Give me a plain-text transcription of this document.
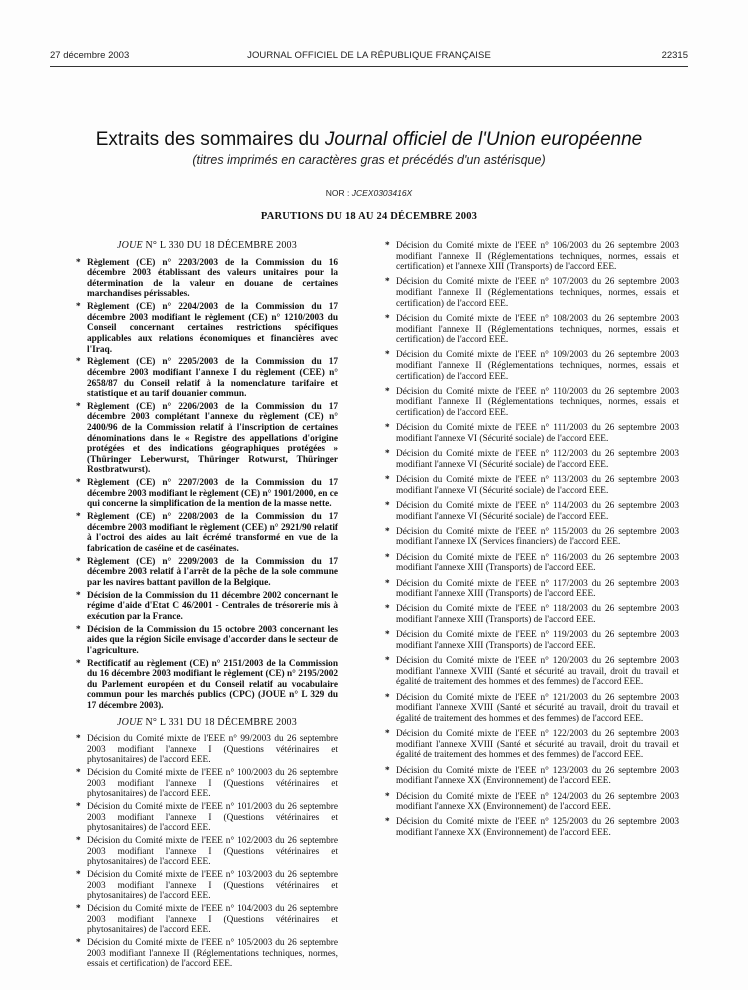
27 décembre 2003	JOURNAL OFFICIEL DE LA RÉPUBLIQUE FRANÇAISE	22315
Extraits des sommaires du Journal officiel de l'Union européenne
(titres imprimés en caractères gras et précédés d'un astérisque)
NOR : JCEX0303416X
PARUTIONS DU 18 AU 24 DÉCEMBRE 2003
JOUE N° L 330 DU 18 DÉCEMBRE 2003
* Règlement (CE) n° 2203/2003 de la Commission du 16 décembre 2003 établissant des valeurs unitaires pour la détermination de la valeur en douane de certaines marchandises périssables.
* Règlement (CE) n° 2204/2003 de la Commission du 17 décembre 2003 modifiant le règlement (CE) n° 1210/2003 du Conseil concernant certaines restrictions spécifiques applicables aux relations économiques et financières avec l'Iraq.
* Règlement (CE) n° 2205/2003 de la Commission du 17 décembre 2003 modifiant l'annexe I du règlement (CEE) n° 2658/87 du Conseil relatif à la nomenclature tarifaire et statistique et au tarif douanier commun.
* Règlement (CE) n° 2206/2003 de la Commission du 17 décembre 2003 complétant l'annexe du règlement (CE) n° 2400/96 de la Commission relatif à l'inscription de certaines dénominations dans le « Registre des appellations d'origine protégées et des indications géographiques protégées » (Thüringer Leberwurst, Thüringer Rotwurst, Thüringer Rostbratwurst).
* Règlement (CE) n° 2207/2003 de la Commission du 17 décembre 2003 modifiant le règlement (CE) n° 1901/2000, en ce qui concerne la simplification de la mention de la masse nette.
* Règlement (CE) n° 2208/2003 de la Commission du 17 décembre 2003 modifiant le règlement (CEE) n° 2921/90 relatif à l'octroi des aides au lait écrémé transformé en vue de la fabrication de caséine et de caséinates.
* Règlement (CE) n° 2209/2003 de la Commission du 17 décembre 2003 relatif à l'arrêt de la pêche de la sole commune par les navires battant pavillon de la Belgique.
* Décision de la Commission du 11 décembre 2002 concernant le régime d'aide d'Etat C 46/2001 - Centrales de trésorerie mis à exécution par la France.
* Décision de la Commission du 15 octobre 2003 concernant les aides que la région Sicile envisage d'accorder dans le secteur de l'agriculture.
* Rectificatif au règlement (CE) n° 2151/2003 de la Commission du 16 décembre 2003 modifiant le règlement (CE) n° 2195/2002 du Parlement européen et du Conseil relatif au vocabulaire commun pour les marchés publics (CPC) (JOUE n° L 329 du 17 décembre 2003).
JOUE N° L 331 DU 18 DÉCEMBRE 2003
* Décision du Comité mixte de l'EEE n° 99/2003 du 26 septembre 2003 modifiant l'annexe I (Questions vétérinaires et phytosanitaires) de l'accord EEE.
* Décision du Comité mixte de l'EEE n° 100/2003 du 26 septembre 2003 modifiant l'annexe I (Questions vétérinaires et phytosanitaires) de l'accord EEE.
* Décision du Comité mixte de l'EEE n° 101/2003 du 26 septembre 2003 modifiant l'annexe I (Questions vétérinaires et phytosanitaires) de l'accord EEE.
* Décision du Comité mixte de l'EEE n° 102/2003 du 26 septembre 2003 modifiant l'annexe I (Questions vétérinaires et phytosanitaires) de l'accord EEE.
* Décision du Comité mixte de l'EEE n° 103/2003 du 26 septembre 2003 modifiant l'annexe I (Questions vétérinaires et phytosanitaires) de l'accord EEE.
* Décision du Comité mixte de l'EEE n° 104/2003 du 26 septembre 2003 modifiant l'annexe I (Questions vétérinaires et phytosanitaires) de l'accord EEE.
* Décision du Comité mixte de l'EEE n° 105/2003 du 26 septembre 2003 modifiant l'annexe II (Réglementations techniques, normes, essais et certification) de l'accord EEE.
* Décision du Comité mixte de l'EEE n° 106/2003 du 26 septembre 2003 modifiant l'annexe II (Réglementations techniques, normes, essais et certification) et l'annexe XIII (Transports) de l'accord EEE.
* Décision du Comité mixte de l'EEE n° 107/2003 du 26 septembre 2003 modifiant l'annexe II (Réglementations techniques, normes, essais et certification) de l'accord EEE.
* Décision du Comité mixte de l'EEE n° 108/2003 du 26 septembre 2003 modifiant l'annexe II (Réglementations techniques, normes, essais et certification) de l'accord EEE.
* Décision du Comité mixte de l'EEE n° 109/2003 du 26 septembre 2003 modifiant l'annexe II (Réglementations techniques, normes, essais et certification) de l'accord EEE.
* Décision du Comité mixte de l'EEE n° 110/2003 du 26 septembre 2003 modifiant l'annexe II (Réglementations techniques, normes, essais et certification) de l'accord EEE.
* Décision du Comité mixte de l'EEE n° 111/2003 du 26 septembre 2003 modifiant l'annexe VI (Sécurité sociale) de l'accord EEE.
* Décision du Comité mixte de l'EEE n° 112/2003 du 26 septembre 2003 modifiant l'annexe VI (Sécurité sociale) de l'accord EEE.
* Décision du Comité mixte de l'EEE n° 113/2003 du 26 septembre 2003 modifiant l'annexe VI (Sécurité sociale) de l'accord EEE.
* Décision du Comité mixte de l'EEE n° 114/2003 du 26 septembre 2003 modifiant l'annexe VI (Sécurité sociale) de l'accord EEE.
* Décision du Comité mixte de l'EEE n° 115/2003 du 26 septembre 2003 modifiant l'annexe IX (Services financiers) de l'accord EEE.
* Décision du Comité mixte de l'EEE n° 116/2003 du 26 septembre 2003 modifiant l'annexe XIII (Transports) de l'accord EEE.
* Décision du Comité mixte de l'EEE n° 117/2003 du 26 septembre 2003 modifiant l'annexe XIII (Transports) de l'accord EEE.
* Décision du Comité mixte de l'EEE n° 118/2003 du 26 septembre 2003 modifiant l'annexe XIII (Transports) de l'accord EEE.
* Décision du Comité mixte de l'EEE n° 119/2003 du 26 septembre 2003 modifiant l'annexe XIII (Transports) de l'accord EEE.
* Décision du Comité mixte de l'EEE n° 120/2003 du 26 septembre 2003 modifiant l'annexe XVIII (Santé et sécurité au travail, droit du travail et égalité de traitement des hommes et des femmes) de l'accord EEE.
* Décision du Comité mixte de l'EEE n° 121/2003 du 26 septembre 2003 modifiant l'annexe XVIII (Santé et sécurité au travail, droit du travail et égalité de traitement des hommes et des femmes) de l'accord EEE.
* Décision du Comité mixte de l'EEE n° 122/2003 du 26 septembre 2003 modifiant l'annexe XVIII (Santé et sécurité au travail, droit du travail et égalité de traitement des hommes et des femmes) de l'accord EEE.
* Décision du Comité mixte de l'EEE n° 123/2003 du 26 septembre 2003 modifiant l'annexe XX (Environnement) de l'accord EEE.
* Décision du Comité mixte de l'EEE n° 124/2003 du 26 septembre 2003 modifiant l'annexe XX (Environnement) de l'accord EEE.
* Décision du Comité mixte de l'EEE n° 125/2003 du 26 septembre 2003 modifiant l'annexe XX (Environnement) de l'accord EEE.
